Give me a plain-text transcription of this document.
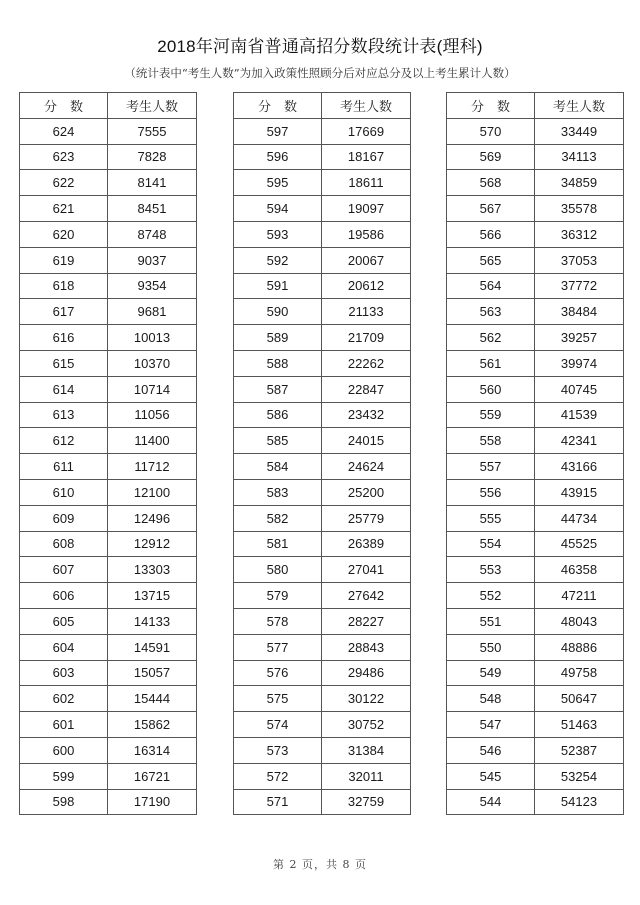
2018年河南省普通高招分数段统计表(理科)
（统计表中“考生人数”为加入政策性照顾分后对应总分及以上考生累计人数）
分　数	考生人数
624	7555
623	7828
622	8141
621	8451
620	8748
619	9037
618	9354
617	9681
616	10013
615	10370
614	10714
613	11056
612	11400
611	11712
610	12100
609	12496
608	12912
607	13303
606	13715
605	14133
604	14591
603	15057
602	15444
601	15862
600	16314
599	16721
598	17190
分　数	考生人数
597	17669
596	18167
595	18611
594	19097
593	19586
592	20067
591	20612
590	21133
589	21709
588	22262
587	22847
586	23432
585	24015
584	24624
583	25200
582	25779
581	26389
580	27041
579	27642
578	28227
577	28843
576	29486
575	30122
574	30752
573	31384
572	32011
571	32759
分　数	考生人数
570	33449
569	34113
568	34859
567	35578
566	36312
565	37053
564	37772
563	38484
562	39257
561	39974
560	40745
559	41539
558	42341
557	43166
556	43915
555	44734
554	45525
553	46358
552	47211
551	48043
550	48886
549	49758
548	50647
547	51463
546	52387
545	53254
544	54123
第 2 页，共 8 页
